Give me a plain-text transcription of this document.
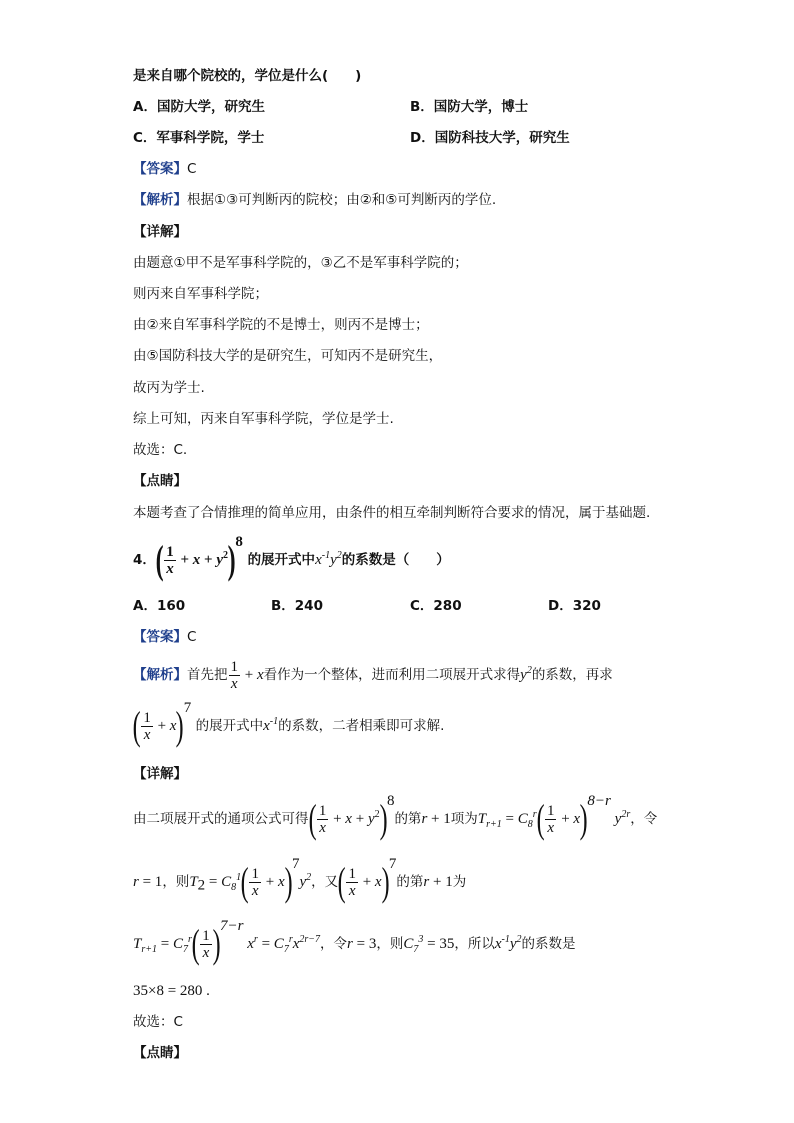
是来自哪个院校的，学位是什么(　　)
A．国防大学，研究生	B．国防大学，博士
C．军事科学院，学士	D．国防科技大学，研究生
【答案】C
【解析】根据①③可判断丙的院校；由②和⑤可判断丙的学位.
【详解】
由题意①甲不是军事科学院的，③乙不是军事科学院的；
则丙来自军事科学院；
由②来自军事科学院的不是博士，则丙不是博士；
由⑤国防科技大学的是研究生，可知丙不是研究生，
故丙为学士.
综上可知，丙来自军事科学院，学位是学士.
故选：C.
【点睛】
本题考查了合情推理的简单应用，由条件的相互牵制判断符合要求的情况，属于基础题.
4．( $\frac{1}{x} + x + y^2)^8$ 的展开式中$x^{-1}y^2$的系数是（　　）
A．160	B．240	C．280	D．320
【答案】C
【解析】首先把 $\frac{1}{x} + x$看作为一个整体，进而利用二项展开式求得$y^2$的系数，再求
( $\frac{1}{x} + x)^7$ 的展开式中$x^{-1}$的系数，二者相乘即可求解.
【详解】
由二项展开式的通项公式可得( $\frac{1}{x} + x + y^2)^8$的第r + 1项为$T_{r+1} = C_8^r( \frac{1}{x} + x)^{8-r}$ $y^{2r}$，令
r = 1，则$T_2 = C_8^1( \frac{1}{x} + x)^7y^2$，又( $\frac{1}{x} + x)^7$的第r + 1为
$T_{r+1} = C_7^r( \frac{1}{x} )^{7-r}$ $x^r = C_7^rx^{2r-7}$，令r = 3，则$C_7^3 = 35$，所以$x^{-1}y^2$的系数是
35×8 = 280 .
故选：C
【点睛】
